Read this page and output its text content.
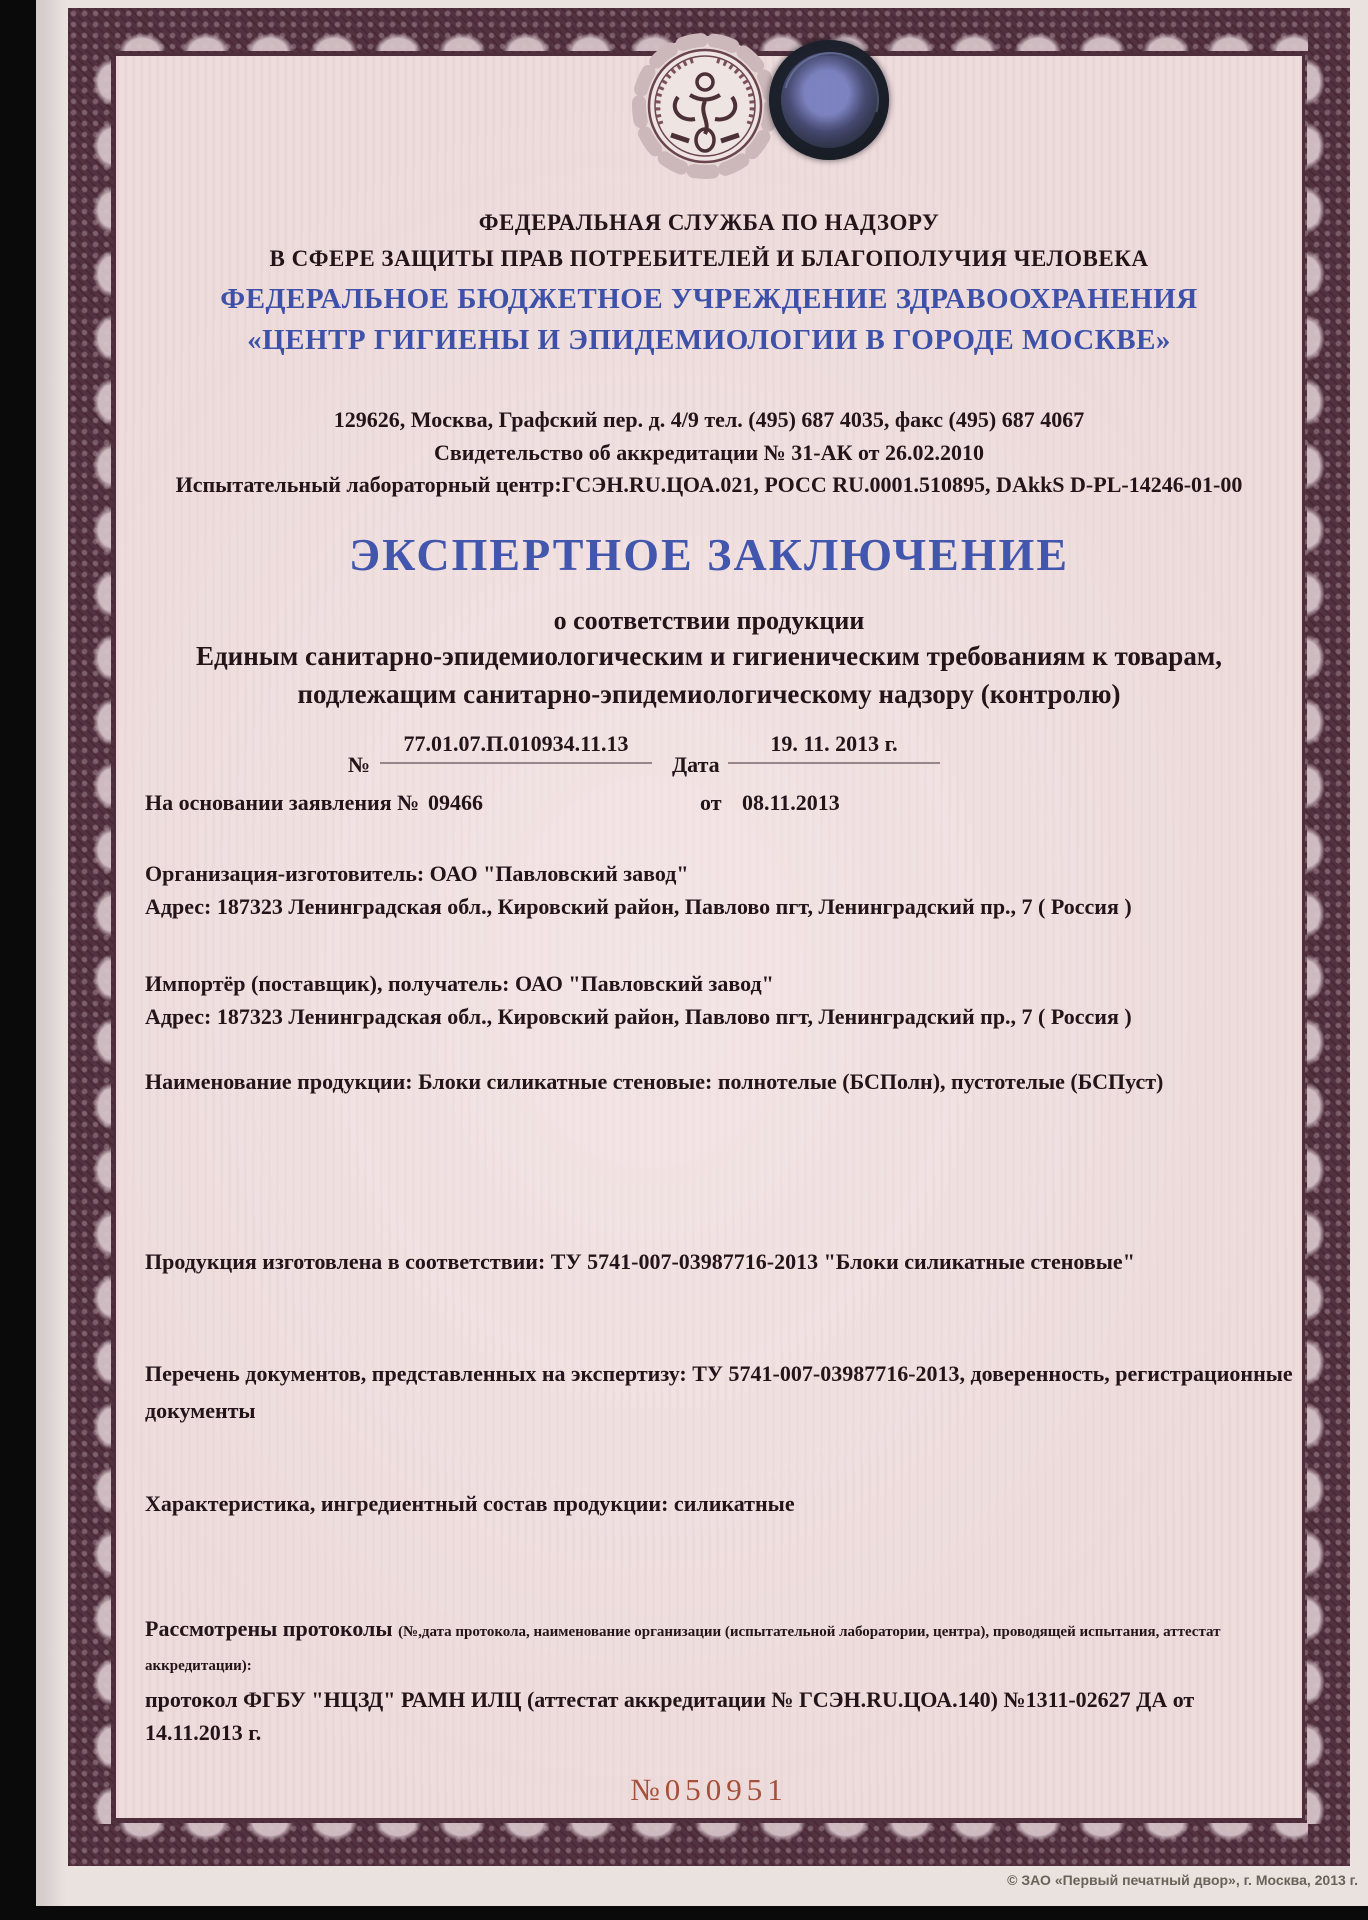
ФЕДЕРАЛЬНАЯ СЛУЖБА ПО НАДЗОРУ
В СФЕРЕ ЗАЩИТЫ ПРАВ ПОТРЕБИТЕЛЕЙ И БЛАГОПОЛУЧИЯ ЧЕЛОВЕКА
ФЕДЕРАЛЬНОЕ БЮДЖЕТНОЕ УЧРЕЖДЕНИЕ ЗДРАВООХРАНЕНИЯ
«ЦЕНТР ГИГИЕНЫ И ЭПИДЕМИОЛОГИИ В ГОРОДЕ МОСКВЕ»
129626, Москва, Графский пер. д. 4/9 тел. (495) 687 4035, факс (495) 687 4067
Свидетельство об аккредитации № 31-АК от 26.02.2010
Испытательный лабораторный центр:ГСЭН.RU.ЦОА.021, РОСС RU.0001.510895, DAkkS D-PL-14246-01-00
ЭКСПЕРТНОЕ ЗАКЛЮЧЕНИЕ
о соответствии продукции
Единым санитарно-эпидемиологическим и гигиеническим требованиям к товарам,
подлежащим санитарно-эпидемиологическому надзору (контролю)
№
77.01.07.П.010934.11.13
Дата
19. 11. 2013 г.
На основании заявления № 09466	от 08.11.2013
Организация-изготовитель: ОАО "Павловский завод"
Адрес: 187323 Ленинградская обл., Кировский район, Павлово пгт, Ленинградский пр., 7 ( Россия )
Импортёр (поставщик), получатель: ОАО "Павловский завод"
Адрес: 187323 Ленинградская обл., Кировский район, Павлово пгт, Ленинградский пр., 7 ( Россия )
Наименование продукции: Блоки силикатные стеновые: полнотелые (БСПолн), пустотелые (БСПуст)
Продукция изготовлена в соответствии: ТУ 5741-007-03987716-2013 "Блоки силикатные стеновые"
Перечень документов, представленных на экспертизу: ТУ 5741-007-03987716-2013, доверенность, регистрационные документы
Характеристика, ингредиентный состав продукции: силикатные
Рассмотрены протоколы (№,дата протокола, наименование организации (испытательной лаборатории, центра), проводящей испытания, аттестат аккредитации):
протокол ФГБУ "НЦЗД" РАМН ИЛЦ (аттестат аккредитации № ГСЭН.RU.ЦОА.140) №1311-02627 ДА от
14.11.2013 г.
№050951
© ЗАО «Первый печатный двор», г. Москва, 2013 г.
